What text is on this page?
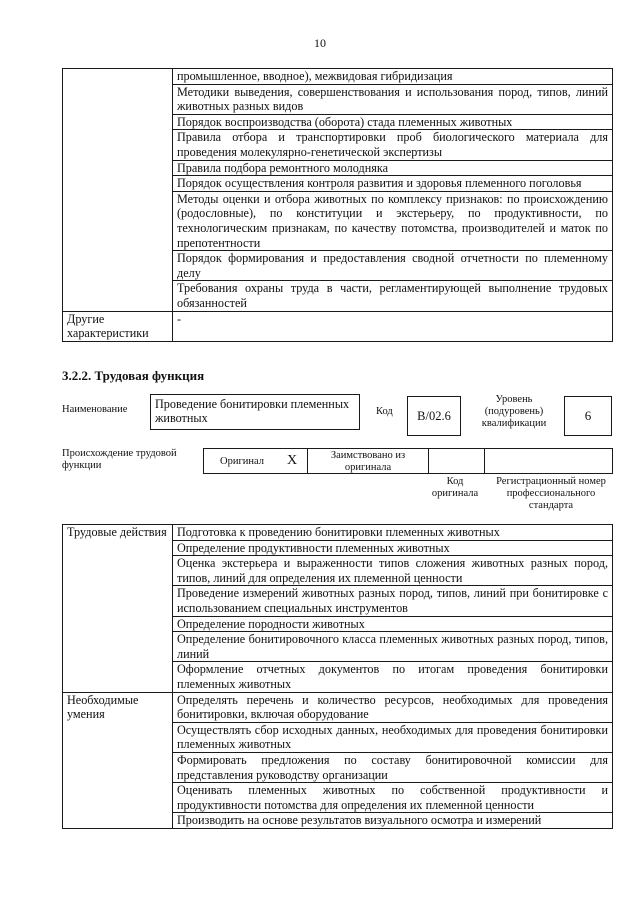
10
	промышленное, вводное), межвидовая гибридизация
	Методики выведения, совершенствования и использования пород, типов, линий животных разных видов
	Порядок воспроизводства (оборота) стада племенных животных
	Правила отбора и транспортировки проб биологического материала для проведения молекулярно-генетической экспертизы
	Правила подбора ремонтного молодняка
	Порядок осуществления контроля развития и здоровья племенного поголовья
	Методы оценки и отбора животных по комплексу признаков: по происхождению (родословные), по конституции и экстерьеру, по продуктивности, по технологическим признакам, по качеству потомства, производителей и маток по препотентности
	Порядок формирования и предоставления сводной отчетности по племенному делу
	Требования охраны труда в части, регламентирующей выполнение трудовых обязанностей
Другие характеристики	-
3.2.2. Трудовая функция
Наименование	Проведение бонитировки племенных животных	Код	B/02.6
Уровень (подуровень) квалификации
6
Происхождение трудовой функции	Оригинал X	Заимствовано из оригинала
Код оригинала
Регистрационный номер профессионального стандарта
Трудовые действия	Подготовка к проведению бонитировки племенных животных
	Определение продуктивности племенных животных
	Оценка экстерьера и выраженности типов сложения животных разных пород, типов, линий для определения их племенной ценности
	Проведение измерений животных разных пород, типов, линий при бонитировке с использованием специальных инструментов
	Определение породности животных
	Определение бонитировочного класса племенных животных разных пород, типов, линий
	Оформление отчетных документов по итогам проведения бонитировки племенных животных
Необходимые умения	Определять перечень и количество ресурсов, необходимых для проведения бонитировки, включая оборудование
	Осуществлять сбор исходных данных, необходимых для проведения бонитировки племенных животных
	Формировать предложения по составу бонитировочной комиссии для представления руководству организации
	Оценивать племенных животных по собственной продуктивности и продуктивности потомства для определения их племенной ценности
	Производить на основе результатов визуального осмотра и измерений
